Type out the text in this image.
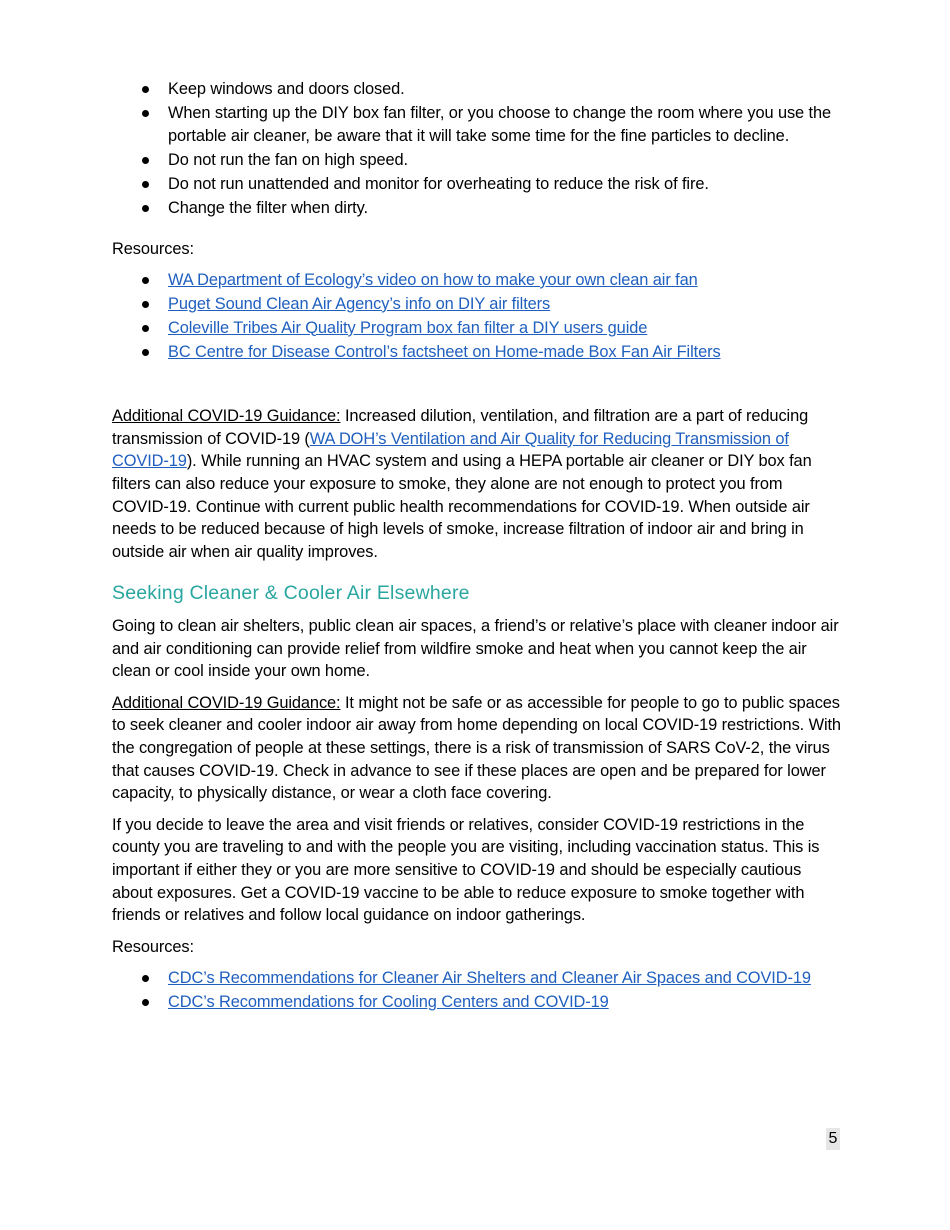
Keep windows and doors closed.
When starting up the DIY box fan filter, or you choose to change the room where you use the portable air cleaner, be aware that it will take some time for the fine particles to decline.
Do not run the fan on high speed.
Do not run unattended and monitor for overheating to reduce the risk of fire.
Change the filter when dirty.

Resources:

WA Department of Ecology’s video on how to make your own clean air fan
Puget Sound Clean Air Agency’s info on DIY air filters
Coleville Tribes Air Quality Program box fan filter a DIY users guide
BC Centre for Disease Control’s factsheet on Home-made Box Fan Air Filters

Additional COVID-19 Guidance: Increased dilution, ventilation, and filtration are a part of reducing transmission of COVID-19 (WA DOH’s Ventilation and Air Quality for Reducing Transmission of COVID-19). While running an HVAC system and using a HEPA portable air cleaner or DIY box fan filters can also reduce your exposure to smoke, they alone are not enough to protect you from COVID-19. Continue with current public health recommendations for COVID-19. When outside air needs to be reduced because of high levels of smoke, increase filtration of indoor air and bring in outside air when air quality improves.

Seeking Cleaner & Cooler Air Elsewhere

Going to clean air shelters, public clean air spaces, a friend’s or relative’s place with cleaner indoor air and air conditioning can provide relief from wildfire smoke and heat when you cannot keep the air clean or cool inside your own home.

Additional COVID-19 Guidance: It might not be safe or as accessible for people to go to public spaces to seek cleaner and cooler indoor air away from home depending on local COVID-19 restrictions. With the congregation of people at these settings, there is a risk of transmission of SARS CoV-2, the virus that causes COVID-19. Check in advance to see if these places are open and be prepared for lower capacity, to physically distance, or wear a cloth face covering.

If you decide to leave the area and visit friends or relatives, consider COVID-19 restrictions in the county you are traveling to and with the people you are visiting, including vaccination status. This is important if either they or you are more sensitive to COVID-19 and should be especially cautious about exposures. Get a COVID-19 vaccine to be able to reduce exposure to smoke together with friends or relatives and follow local guidance on indoor gatherings.

Resources:

CDC’s Recommendations for Cleaner Air Shelters and Cleaner Air Spaces and COVID-19
CDC’s Recommendations for Cooling Centers and COVID-19
5
